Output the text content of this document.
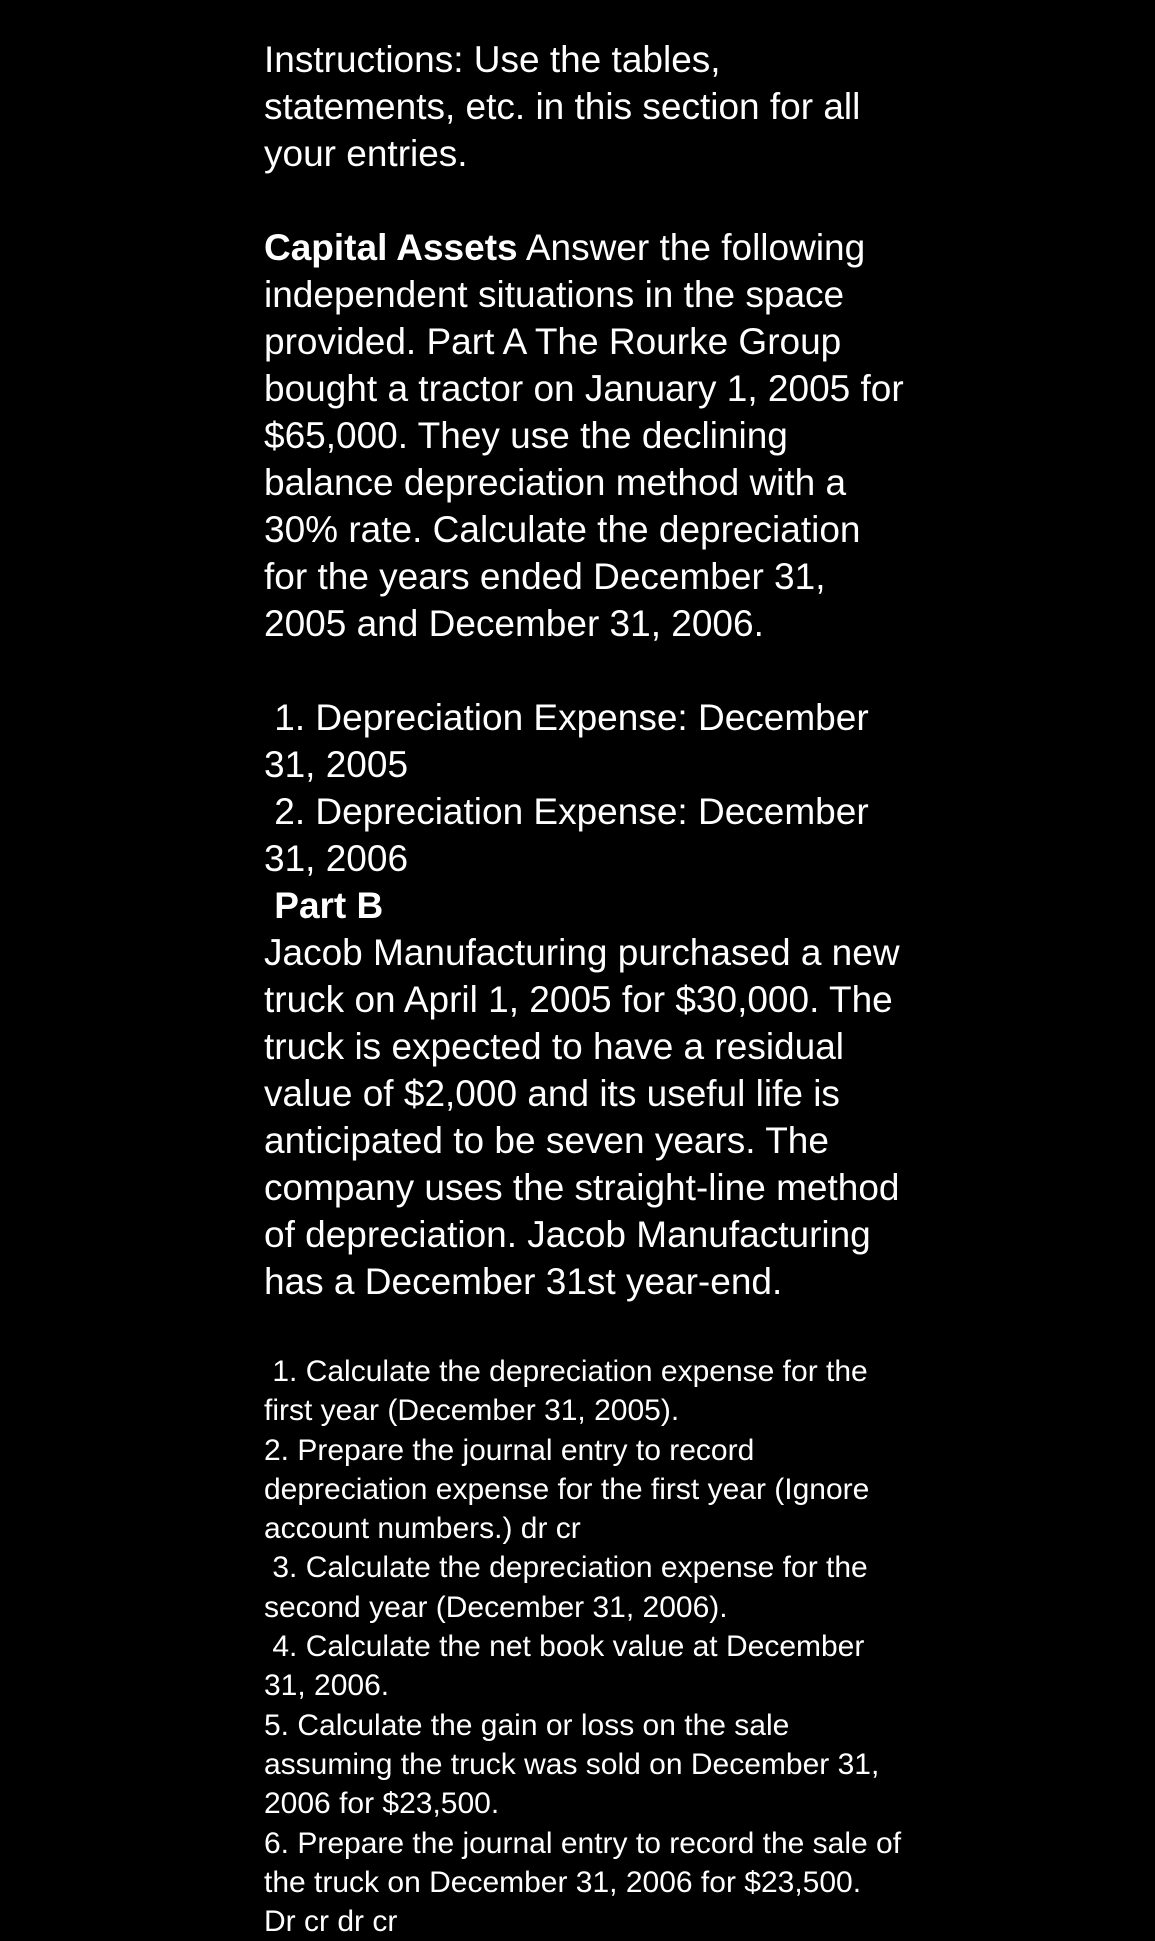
Instructions: Use the tables, statements, etc. in this section for all your entries.

Capital Assets Answer the following independent situations in the space provided. Part A The Rourke Group bought a tractor on January 1, 2005 for $65,000. They use the declining balance depreciation method with a 30% rate. Calculate the depreciation for the years ended December 31, 2005 and December 31, 2006.

1. Depreciation Expense: December 31, 2005

2. Depreciation Expense: December 31, 2006

Part B

Jacob Manufacturing purchased a new truck on April 1, 2005 for $30,000. The truck is expected to have a residual value of $2,000 and its useful life is anticipated to be seven years. The company uses the straight-line method of depreciation. Jacob Manufacturing has a December 31st year-end.

1. Calculate the depreciation expense for the first year (December 31, 2005).

2. Prepare the journal entry to record depreciation expense for the first year (Ignore account numbers.) dr cr

3. Calculate the depreciation expense for the second year (December 31, 2006).

4. Calculate the net book value at December 31, 2006.

5. Calculate the gain or loss on the sale assuming the truck was sold on December 31, 2006 for $23,500.

6. Prepare the journal entry to record the sale of the truck on December 31, 2006 for $23,500.  Dr cr dr cr
